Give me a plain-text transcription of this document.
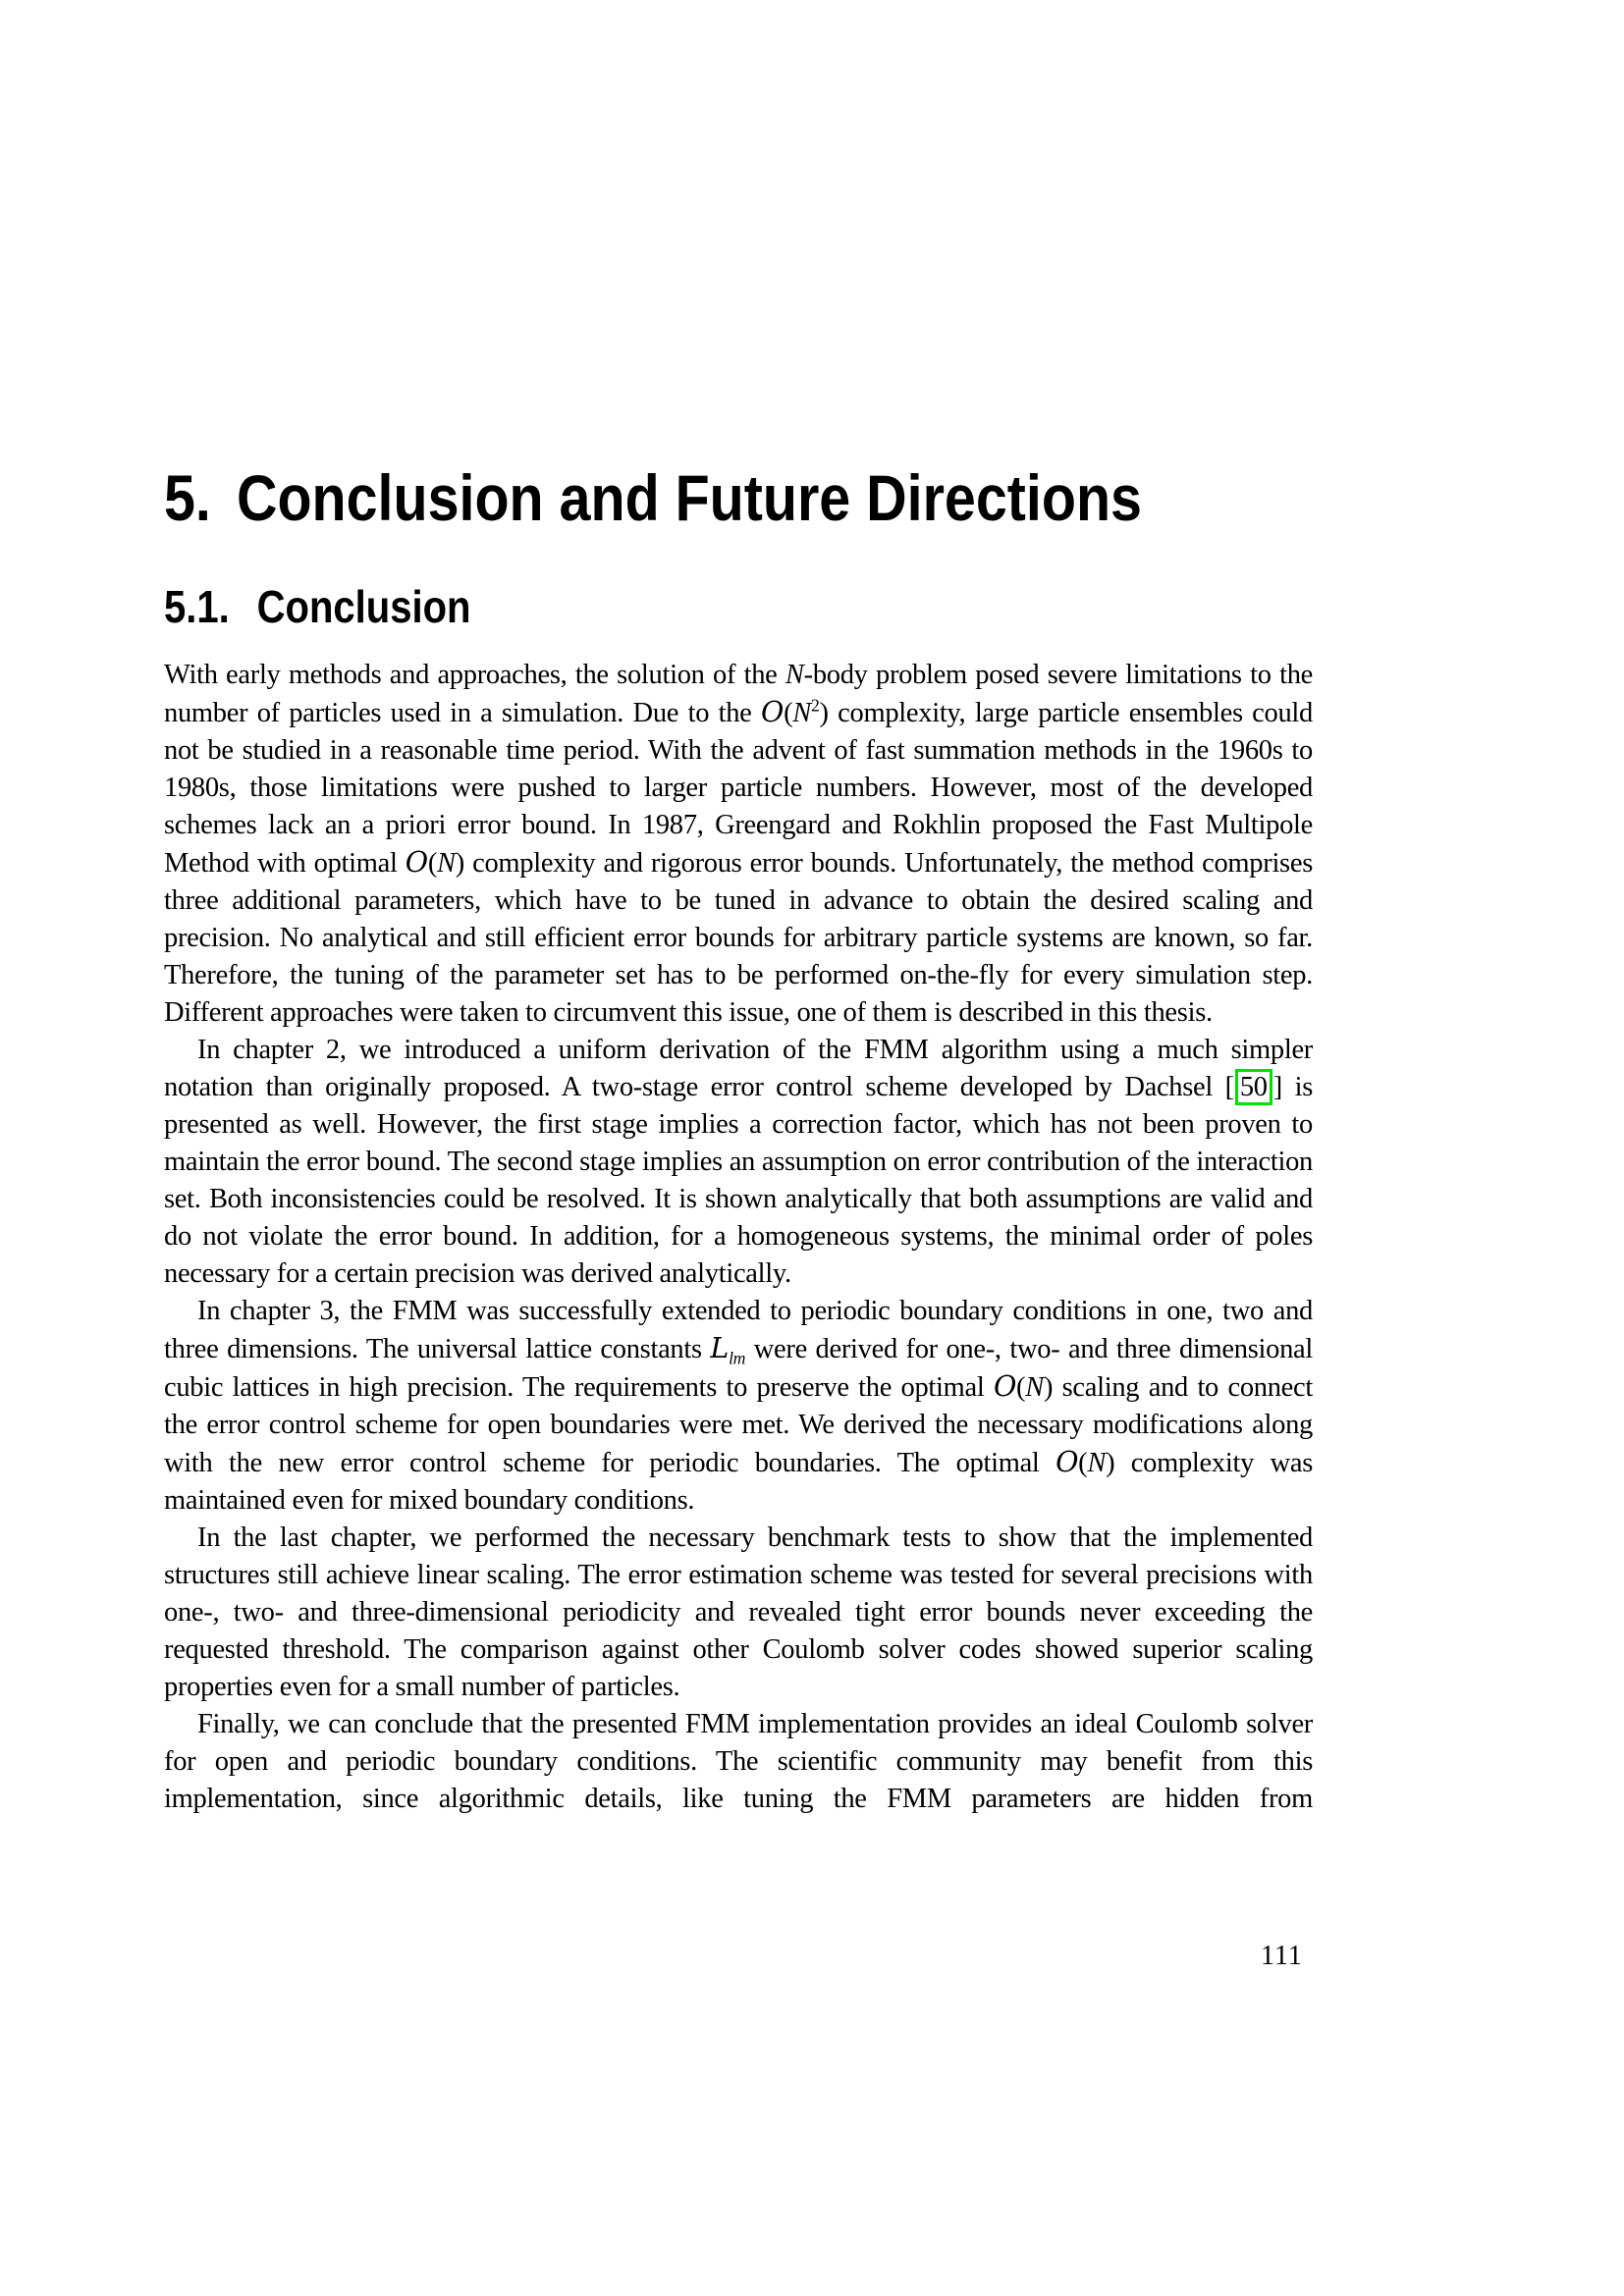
5. Conclusion and Future Directions
5.1. Conclusion

With early methods and approaches, the solution of the N-body problem posed severe limitations to the number of particles used in a simulation. Due to the $O(N^2)$ complexity, large particle ensembles could not be studied in a reasonable time period. With the advent of fast summation methods in the 1960s to 1980s, those limitations were pushed to larger particle numbers. However, most of the developed schemes lack an a priori error bound. In 1987, Greengard and Rokhlin proposed the Fast Multipole Method with optimal O(N) complexity and rigorous error bounds. Unfortunately, the method comprises three additional parameters, which have to be tuned in advance to obtain the desired scaling and precision. No analytical and still efficient error bounds for arbitrary particle systems are known, so far. Therefore, the tuning of the parameter set has to be performed on-the-fly for every simulation step. Different approaches were taken to circumvent this issue, one of them is described in this thesis.

In chapter 2, we introduced a uniform derivation of the FMM algorithm using a much simpler notation than originally proposed. A two-stage error control scheme developed by Dachsel [ 50 ] is presented as well. However, the first stage implies a correction factor, which has not been proven to maintain the error bound. The second stage implies an assumption on error contribution of the interaction set. Both inconsistencies could be resolved. It is shown analytically that both assumptions are valid and do not violate the error bound. In addition, for a homogeneous systems, the minimal order of poles necessary for a certain precision was derived analytically.

In chapter 3, the FMM was successfully extended to periodic boundary conditions in one, two and three dimensions. The universal lattice constants $L_{lm}$ were derived for one-, two- and three dimensional cubic lattices in high precision. The requirements to preserve the optimal O(N) scaling and to connect the error control scheme for open boundaries were met. We derived the necessary modifications along with the new error control scheme for periodic boundaries. The optimal O(N) complexity was maintained even for mixed boundary conditions.

In the last chapter, we performed the necessary benchmark tests to show that the implemented structures still achieve linear scaling. The error estimation scheme was tested for several precisions with one-, two- and three-dimensional periodicity and revealed tight error bounds never exceeding the requested threshold. The comparison against other Coulomb solver codes showed superior scaling properties even for a small number of particles.

Finally, we can conclude that the presented FMM implementation provides an ideal Coulomb solver for open and periodic boundary conditions. The scientific community may benefit from this implementation, since algorithmic details, like tuning the FMM parameters are hidden from

111
